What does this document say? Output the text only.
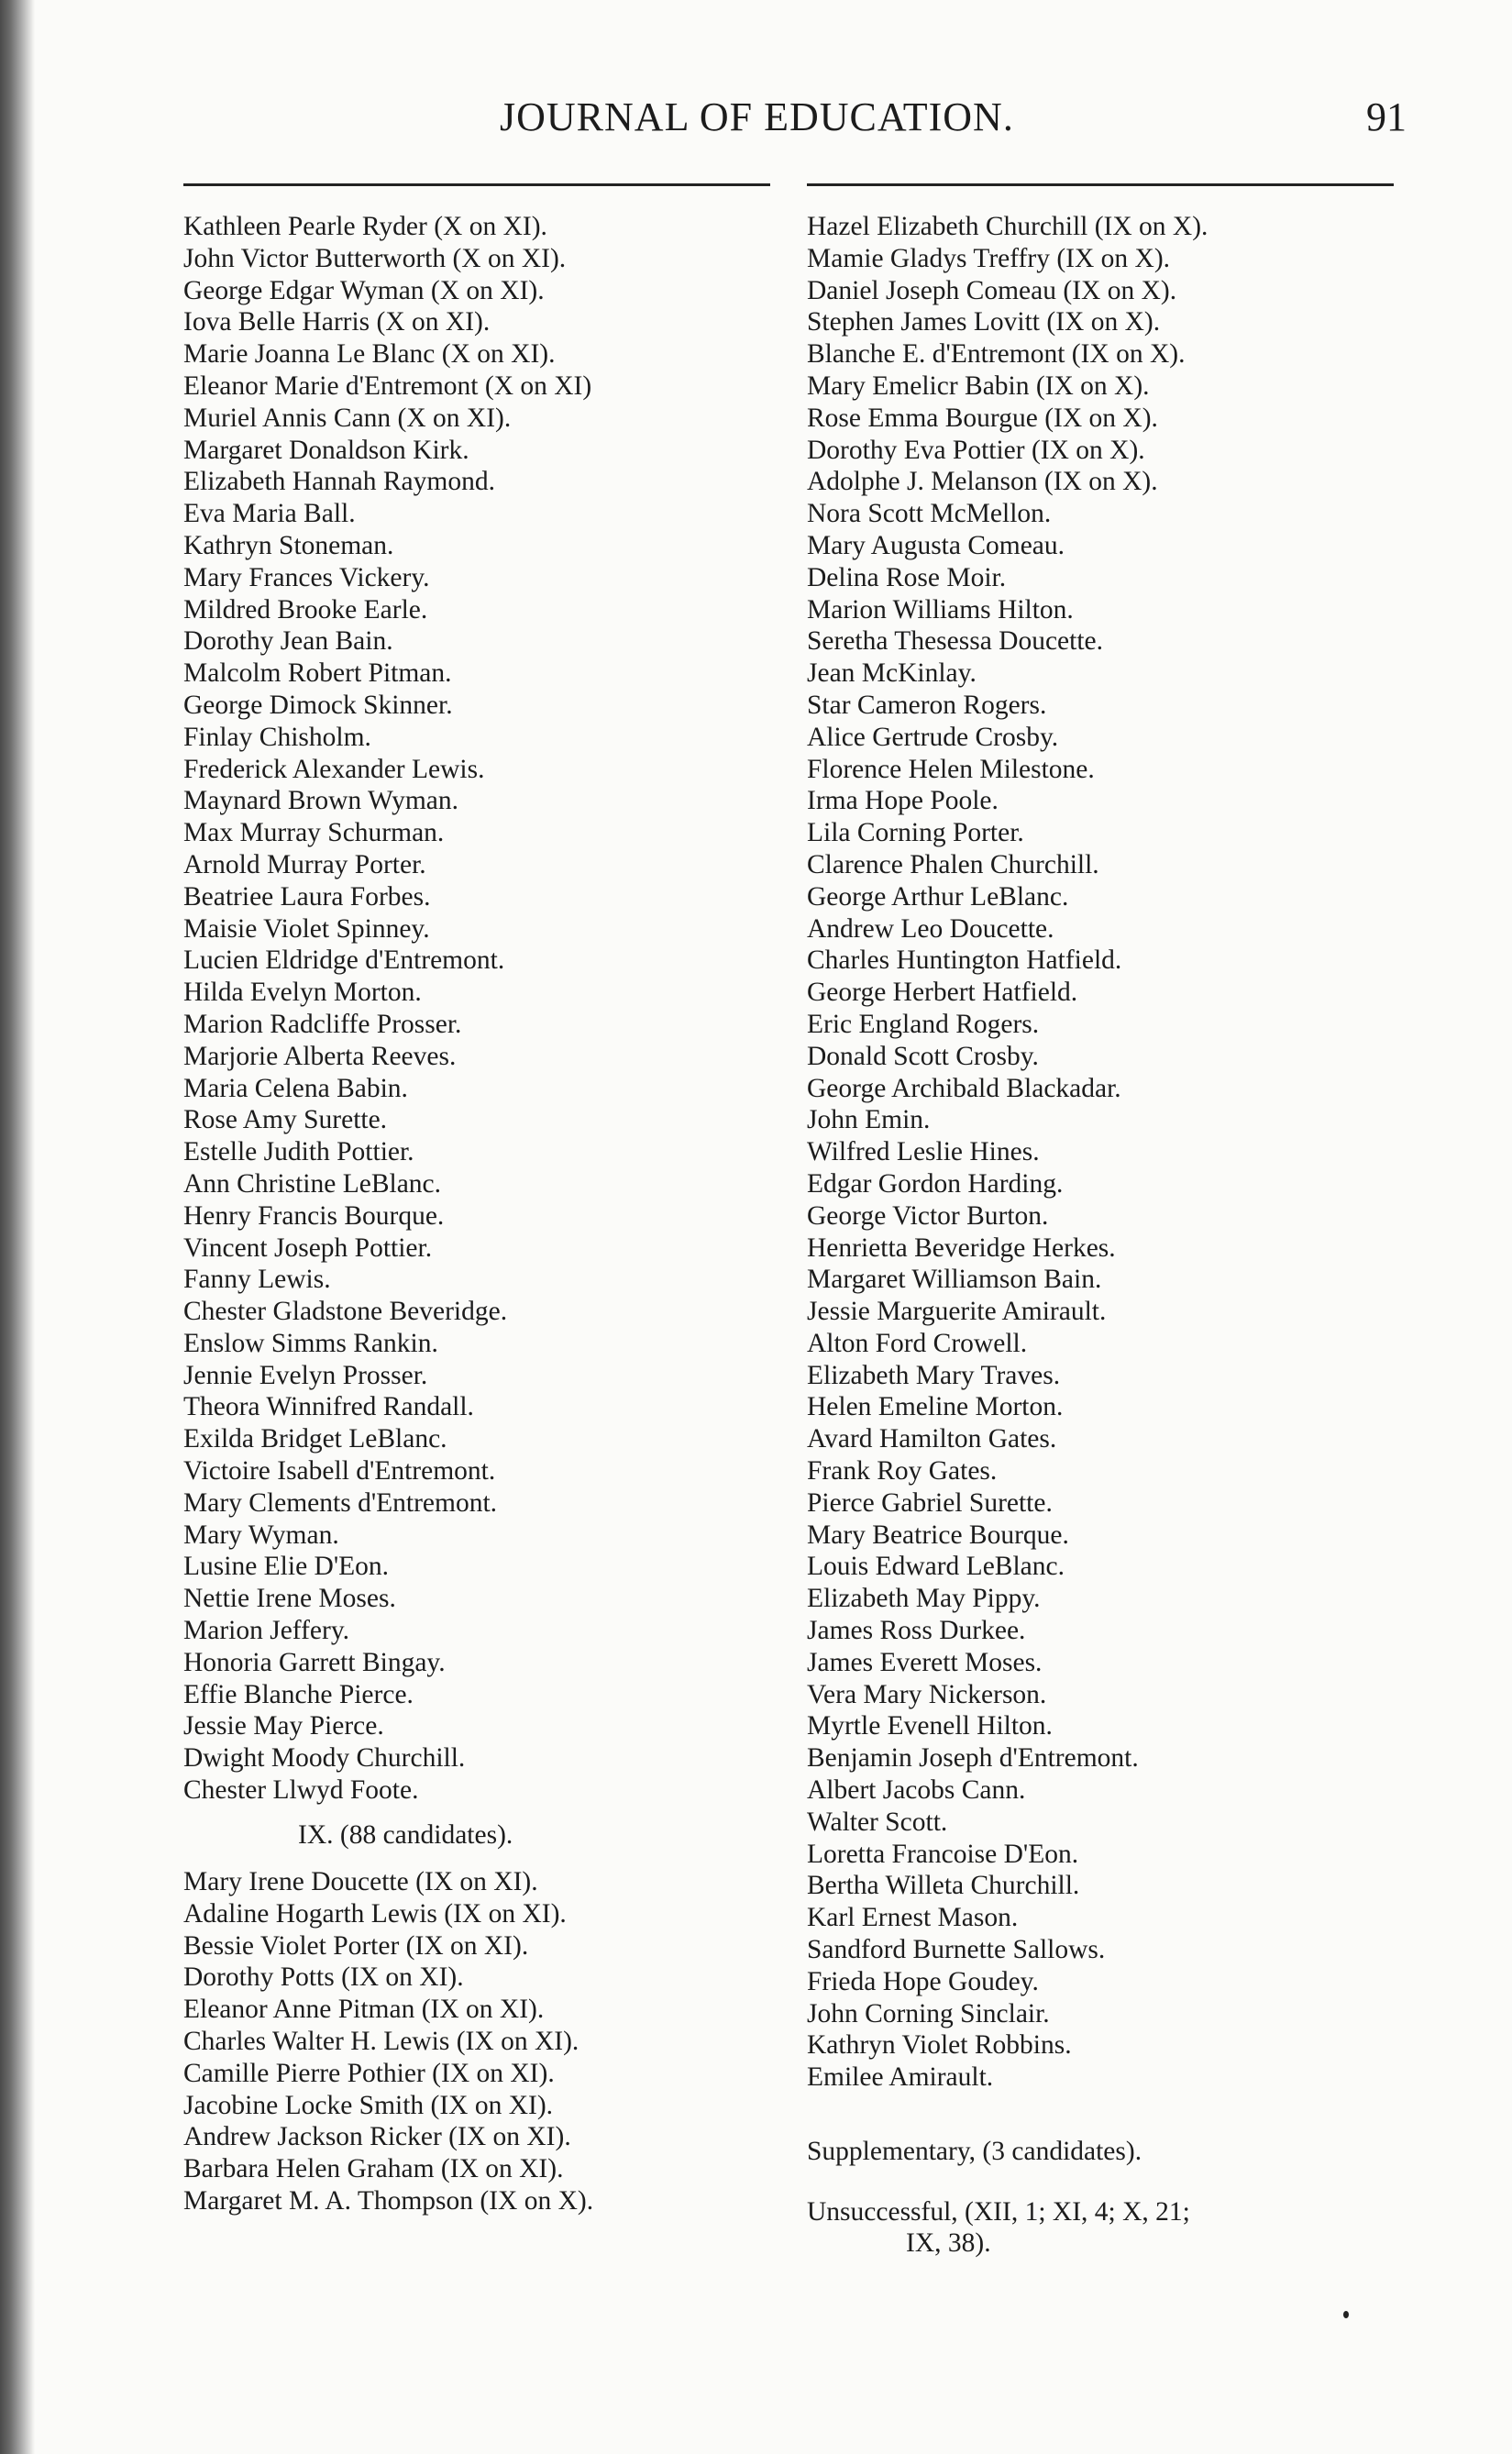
JOURNAL OF EDUCATION.	91
Kathleen Pearle Ryder (X on XI).
John Victor Butterworth (X on XI).
George Edgar Wyman (X on XI).
Iova Belle Harris (X on XI).
Marie Joanna Le Blanc (X on XI).
Eleanor Marie d'Entremont (X on XI)
Muriel Annis Cann (X on XI).
Margaret Donaldson Kirk.
Elizabeth Hannah Raymond.
Eva Maria Ball.
Kathryn Stoneman.
Mary Frances Vickery.
Mildred Brooke Earle.
Dorothy Jean Bain.
Malcolm Robert Pitman.
George Dimock Skinner.
Finlay Chisholm.
Frederick Alexander Lewis.
Maynard Brown Wyman.
Max Murray Schurman.
Arnold Murray Porter.
Beatriee Laura Forbes.
Maisie Violet Spinney.
Lucien Eldridge d'Entremont.
Hilda Evelyn Morton.
Marion Radcliffe Prosser.
Marjorie Alberta Reeves.
Maria Celena Babin.
Rose Amy Surette.
Estelle Judith Pottier.
Ann Christine LeBlanc.
Henry Francis Bourque.
Vincent Joseph Pottier.
Fanny Lewis.
Chester Gladstone Beveridge.
Enslow Simms Rankin.
Jennie Evelyn Prosser.
Theora Winnifred Randall.
Exilda Bridget LeBlanc.
Victoire Isabell d'Entremont.
Mary Clements d'Entremont.
Mary Wyman.
Lusine Elie D'Eon.
Nettie Irene Moses.
Marion Jeffery.
Honoria Garrett Bingay.
Effie Blanche Pierce.
Jessie May Pierce.
Dwight Moody Churchill.
Chester Llwyd Foote.
IX. (88 candidates).
Mary Irene Doucette (IX on XI).
Adaline Hogarth Lewis (IX on XI).
Bessie Violet Porter (IX on XI).
Dorothy Potts (IX on XI).
Eleanor Anne Pitman (IX on XI).
Charles Walter H. Lewis (IX on XI).
Camille Pierre Pothier (IX on XI).
Jacobine Locke Smith (IX on XI).
Andrew Jackson Ricker (IX on XI).
Barbara Helen Graham (IX on XI).
Margaret M. A. Thompson (IX on X).
Hazel Elizabeth Churchill (IX on X).
Mamie Gladys Treffry (IX on X).
Daniel Joseph Comeau (IX on X).
Stephen James Lovitt (IX on X).
Blanche E. d'Entremont (IX on X).
Mary Emelicr Babin (IX on X).
Rose Emma Bourgue (IX on X).
Dorothy Eva Pottier (IX on X).
Adolphe J. Melanson (IX on X).
Nora Scott McMellon.
Mary Augusta Comeau.
Delina Rose Moir.
Marion Williams Hilton.
Seretha Thesessa Doucette.
Jean McKinlay.
Star Cameron Rogers.
Alice Gertrude Crosby.
Florence Helen Milestone.
Irma Hope Poole.
Lila Corning Porter.
Clarence Phalen Churchill.
George Arthur LeBlanc.
Andrew Leo Doucette.
Charles Huntington Hatfield.
George Herbert Hatfield.
Eric England Rogers.
Donald Scott Crosby.
George Archibald Blackadar.
John Emin.
Wilfred Leslie Hines.
Edgar Gordon Harding.
George Victor Burton.
Henrietta Beveridge Herkes.
Margaret Williamson Bain.
Jessie Marguerite Amirault.
Alton Ford Crowell.
Elizabeth Mary Traves.
Helen Emeline Morton.
Avard Hamilton Gates.
Frank Roy Gates.
Pierce Gabriel Surette.
Mary Beatrice Bourque.
Louis Edward LeBlanc.
Elizabeth May Pippy.
James Ross Durkee.
James Everett Moses.
Vera Mary Nickerson.
Myrtle Evenell Hilton.
Benjamin Joseph d'Entremont.
Albert Jacobs Cann.
Walter Scott.
Loretta Francoise D'Eon.
Bertha Willeta Churchill.
Karl Ernest Mason.
Sandford Burnette Sallows.
Frieda Hope Goudey.
John Corning Sinclair.
Kathryn Violet Robbins.
Emilee Amirault.
Supplementary, (3 candidates).
Unsuccessful, (XII, 1; XI, 4; X, 21;
IX, 38).
